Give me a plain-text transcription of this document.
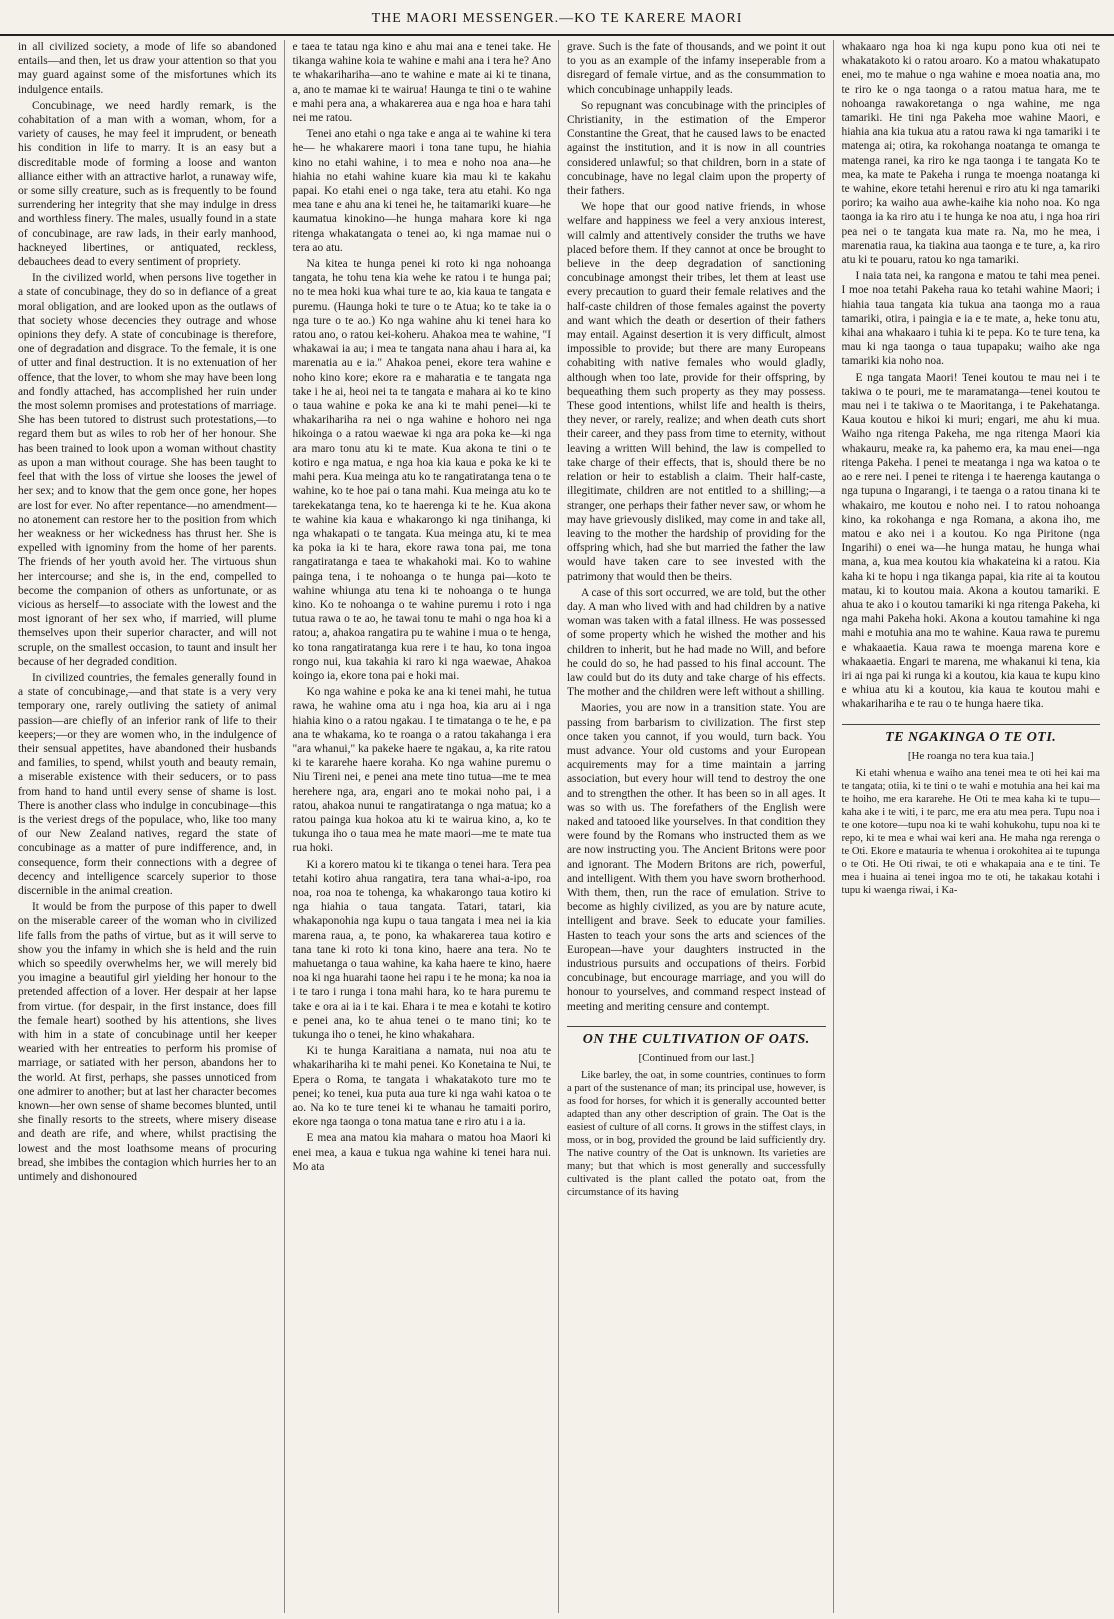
THE MAORI MESSENGER.—KO TE KARERE MAORI

in all civilized society, a mode of life so abandoned entails—and then, let us draw your attention so that you may guard against some of the misfortunes which its indulgence entails.

Concubinage, we need hardly remark, is the cohabitation of a man with a woman, whom, for a variety of causes, he may feel it imprudent, or beneath his condition in life to marry. It is an easy but a discreditable mode of forming a loose and wanton alliance either with an attractive harlot, a runaway wife, or some silly creature, such as is frequently to be found surrendering her integrity that she may indulge in dress and worthless finery. The males, usually found in a state of concubinage, are raw lads, in their early manhood, hackneyed libertines, or antiquated, reckless, debauchees dead to every sentiment of propriety.

In the civilized world, when persons live together in a state of concubinage, they do so in defiance of a great moral obligation, and are looked upon as the outlaws of that society whose decencies they outrage and whose opinions they defy. A state of concubinage is therefore, one of degradation and disgrace. To the female, it is one of utter and final destruction. It is no extenuation of her offence, that the lover, to whom she may have been long and fondly attached, has accomplished her ruin under the most solemn promises and protestations of marriage. She has been tutored to distrust such protestations,—to regard them but as wiles to rob her of her honour. She has been trained to look upon a woman without chastity as upon a man without courage. She has been taught to feel that with the loss of virtue she looses the jewel of her sex; and to know that the gem once gone, her hopes are lost for ever. No after repentance—no amendment—no atonement can restore her to the position from which her weakness or her wickedness has thrust her. She is expelled with ignominy from the home of her parents. The friends of her youth avoid her. The virtuous shun her intercourse; and she is, in the end, compelled to become the companion of others as unfortunate, or as vicious as herself—to associate with the lowest and the most ignorant of her sex who, if married, will plume themselves upon their superior character, and will not scruple, on the smallest occasion, to taunt and insult her because of her degraded condition.

In civilized countries, the females generally found in a state of concubinage,—and that state is a very very temporary one, rarely outliving the satiety of animal passion—are chiefly of an inferior rank of life to their keepers;—or they are women who, in the indulgence of their sensual appetites, have abandoned their husbands and families, to spend, whilst youth and beauty remain, a miserable existence with their seducers, or to pass from hand to hand until every sense of shame is lost. There is another class who indulge in concubinage—this is the veriest dregs of the populace, who, like too many of our New Zealand natives, regard the state of concubinage as a matter of pure indifference, and, in consequence, form their connections with a degree of decency and intelligence scarcely superior to those discernible in the animal creation.

It would be from the purpose of this paper to dwell on the miserable career of the woman who in civilized life falls from the paths of virtue, but as it will serve to show you the infamy in which she is held and the ruin which so speedily overwhelms her, we will merely bid you imagine a beautiful girl yielding her honour to the pretended affection of a lover. Her despair at her lapse from virtue. (for despair, in the first instance, does fill the female heart) soothed by his attentions, she lives with him in a state of concubinage until her keeper wearied with her entreaties to perform his promise of marriage, or satiated with her person, abandons her to the world. At first, perhaps, she passes unnoticed from one admirer to another; but at last her character becomes known—her own sense of shame becomes blunted, until she finally resorts to the streets, where misery disease and death are rife, and where, whilst practising the lowest and the most loathsome means of procuring bread, she imbibes the contagion which hurries her to an untimely and dishonoured

e taea te tatau nga kino e ahu mai ana e tenei take. He tikanga wahine koia te wahine e mahi ana i tera he? Ano te whakarihariha—ano te wahine e mate ai ki te tinana, a, ano te mamae ki te wairua! Haunga te tini o te wahine e mahi pera ana, a whakarerea aua e nga hoa e hara tahi nei me ratou.

Tenei ano etahi o nga take e anga ai te wahine ki tera he— he whakarere maori i tona tane tupu, he hiahia kino no etahi wahine, i to mea e noho noa ana—he hiahia no etahi wahine kuare kia mau ki te kakahu papai. Ko etahi enei o nga take, tera atu etahi. Ko nga mea tane e ahu ana ki tenei he, he taitamariki kuare—he kaumatua kinokino—he hunga mahara kore ki nga ritenga whakatangata o tenei ao, ki nga mamae nui o tera ao atu.

Na kitea te hunga penei ki roto ki nga nohoanga tangata, he tohu tena kia wehe ke ratou i te hunga pai; no te mea hoki kua whai ture te ao, kia kaua te tangata e puremu. (Haunga hoki te ture o te Atua; ko te take ia o nga ture o te ao.) Ko nga wahine ahu ki tenei hara ko ratou ano, o ratou kei-koheru. Ahakoa mea te wahine, "I whakawai ia au; i mea te tangata nana ahau i hara ai, ka marenatia au e ia." Ahakoa penei, ekore tera wahine e noho kino kore; ekore ra e maharatia e te tangata nga take i he ai, heoi nei ta te tangata e mahara ai ko te kino o taua wahine e poka ke ana ki te mahi penei—ki te whakarihariha ra nei o nga wahine e hohoro nei nga hikoinga o a ratou waewae ki nga ara poka ke—ki nga ara maro tonu atu ki te mate. Kua akona te tini o te kotiro e nga matua, e nga hoa kia kaua e poka ke ki te mahi pera. Kua meinga atu ko te rangatiratanga tena o te wahine, ko te hoe pai o tana mahi. Kua meinga atu ko te tarekekatanga tena, ko te haerenga ki te he. Kua akona te wahine kia kaua e whakarongo ki nga tinihanga, ki nga whakapati o te tangata. Kua meinga atu, ki te mea ka poka ia ki te hara, ekore rawa tona pai, me tona rangatiratanga e taea te whakahoki mai. Ko to wahine painga tena, i te nohoanga o te hunga pai—koto te wahine whiunga atu tena ki te nohoanga o te hunga kino. Ko te nohoanga o te wahine puremu i roto i nga tutua rawa o te ao, he tawai tonu te mahi o nga hoa ki a ratou; a, ahakoa rangatira pu te wahine i mua o te henga, ko tona rangatiratanga kua rere i te hau, ko tona ingoa rongo nui, kua takahia ki raro ki nga waewae, Ahakoa koingo ia, ekore tona pai e hoki mai.

Ko nga wahine e poka ke ana ki tenei mahi, he tutua rawa, he wahine oma atu i nga hoa, kia aru ai i nga hiahia kino o a ratou ngakau. I te timatanga o te he, e pa ana te whakama, ko te roanga o a ratou takahanga i era "ara whanui," ka pakeke haere te ngakau, a, ka rite ratou ki te kararehe haere koraha. Ko nga wahine puremu o Niu Tireni nei, e penei ana mete tino tutua—me te mea herehere nga, ara, engari ano te mokai noho pai, i a ratou, ahakoa nunui te rangatiratanga o nga matua; ko a ratou painga kua hokoa atu ki te wairua kino, a, ko te tukunga iho o taua mea he mate maori—me te mate tua rua hoki.

Ki a korero matou ki te tikanga o tenei hara. Tera pea tetahi kotiro ahua rangatira, tera tana whai-a-ipo, roa noa, roa noa te tohenga, ka whakarongo taua kotiro ki nga hiahia o taua tangata. Tatari, tatari, kia whakaponohia nga kupu o taua tangata i mea nei ia kia marena raua, a, te pono, ka whakarerea taua kotiro e tana tane ki roto ki tona kino, haere ana tera. No te mahuetanga o taua wahine, ka kaha haere te kino, haere noa ki nga huarahi taone hei rapu i te he mona; ka noa ia i te taro i runga i tona mahi hara, ko te hara puremu te take e ora ai ia i te kai. Ehara i te mea e kotahi te kotiro e penei ana, ko te ahua tenei o te mano tini; ko te tukunga iho o tenei, he kino whakahara.

Ki te hunga Karaitiana a namata, nui noa atu te whakarihariha ki te mahi penei. Ko Konetaina te Nui, te Epera o Roma, te tangata i whakatakoto ture mo te penei; ko tenei, kua puta aua ture ki nga wahi katoa o te ao. Na ko te ture tenei ki te whanau he tamaiti poriro, ekore nga taonga o tona matua tane e riro atu i a ia.

E mea ana matou kia mahara o matou hoa Maori ki enei mea, a kaua e tukua nga wahine ki tenei hara nui. Mo ata

grave. Such is the fate of thousands, and we point it out to you as an example of the infamy inseperable from a disregard of female virtue, and as the consummation to which concubinage unhappily leads.

So repugnant was concubinage with the principles of Christianity, in the estimation of the Emperor Constantine the Great, that he caused laws to be enacted against the institution, and it is now in all countries considered unlawful; so that children, born in a state of concubinage, have no legal claim upon the property of their fathers.

We hope that our good native friends, in whose welfare and happiness we feel a very anxious interest, will calmly and attentively consider the truths we have placed before them. If they cannot at once be brought to believe in the deep degradation of sanctioning concubinage amongst their tribes, let them at least use every precaution to guard their female relatives and the half-caste children of those females against the poverty and want which the death or desertion of their fathers may entail. Against desertion it is very difficult, almost impossible to provide; but there are many Europeans cohabiting with native females who would gladly, although when too late, provide for their offspring, by bequeathing them such property as they may possess. These good intentions, whilst life and health is theirs, they never, or rarely, realize; and when death cuts short their career, and they pass from time to eternity, without leaving a written Will behind, the law is compelled to take charge of their effects, that is, should there be no relation or heir to establish a claim. Their half-caste, illegitimate, children are not entitled to a shilling;—a stranger, one perhaps their father never saw, or whom he may have grievously disliked, may come in and take all, leaving to the mother the hardship of providing for the offspring which, had she but married the father the law would have taken care to see invested with the patrimony that would then be theirs.

A case of this sort occurred, we are told, but the other day. A man who lived with and had children by a native woman was taken with a fatal illness. He was possessed of some property which he wished the mother and his children to inherit, but he had made no Will, and before he could do so, he had passed to his final account. The law could but do its duty and take charge of his effects. The mother and the children were left without a shilling.

Maories, you are now in a transition state. You are passing from barbarism to civilization. The first step once taken you cannot, if you would, turn back. You must advance. Your old customs and your European acquirements may for a time maintain a jarring association, but every hour will tend to destroy the one and to strengthen the other. It has been so in all ages. It was so with us. The forefathers of the English were naked and tatooed like yourselves. In that condition they were found by the Romans who instructed them as we are now instructing you. The Ancient Britons were poor and ignorant. The Modern Britons are rich, powerful, and intelligent. With them you have sworn brotherhood. With them, then, run the race of emulation. Strive to become as highly civilized, as you are by nature acute, intelligent and brave. Seek to educate your families. Hasten to teach your sons the arts and sciences of the European—have your daughters instructed in the industrious pursuits and occupations of theirs. Forbid concubinage, but encourage marriage, and you will do honour to yourselves, and command respect instead of meeting and meriting censure and contempt.

ON THE CULTIVATION OF OATS.
[Continued from our last.]

Like barley, the oat, in some countries, continues to form a part of the sustenance of man; its principal use, however, is as food for horses, for which it is generally accounted better adapted than any other description of grain. The Oat is the easiest of culture of all corns. It grows in the stiffest clays, in moss, or in bog, provided the ground be laid sufficiently dry. The native country of the Oat is unknown. Its varieties are many; but that which is most generally and successfully cultivated is the plant called the potato oat, from the circumstance of its having

whakaaro nga hoa ki nga kupu pono kua oti nei te whakatakoto ki o ratou aroaro. Ko a matou whakatupato enei, mo te mahue o nga wahine e moea noatia ana, mo te riro ke o nga taonga o a ratou matua hara, me te nohoanga rawakoretanga o nga wahine, me nga tamariki. He tini nga Pakeha moe wahine Maori, e hiahia ana kia tukua atu a ratou rawa ki nga tamariki i te matenga ai; otira, ka rokohanga noatanga te omanga te matenga ranei, ka riro ke nga taonga i te tangata Ko te mea, ka mate te Pakeha i runga te moenga noatanga ki te wahine, ekore tetahi herenui e riro atu ki nga tamariki poriro; ka waiho aua awhe-kaihe kia noho noa. Ko nga taonga ia ka riro atu i te hunga ke noa atu, i nga hoa riri pea nei o te tangata kua mate ra. Na, mo he mea, i marenatia raua, ka tiakina aua taonga e te ture, a, ka riro atu ki te pouaru, ratou ko nga tamariki.

I naia tata nei, ka rangona e matou te tahi mea penei. I moe noa tetahi Pakeha raua ko tetahi wahine Maori; i hiahia taua tangata kia tukua ana taonga mo a raua tamariki, otira, i paingia e ia e te mate, a, heke tonu atu, kihai ana whakaaro i tuhia ki te pepa. Ko te ture tena, ka mau ki nga taonga o taua tupapaku; waiho ake nga tamariki kia noho noa.

E nga tangata Maori! Tenei koutou te mau nei i te takiwa o te pouri, me te maramatanga—tenei koutou te mau nei i te takiwa o te Maoritanga, i te Pakehatanga. Kaua koutou e hikoi ki muri; engari, me ahu ki mua. Waiho nga ritenga Pakeha, me nga ritenga Maori kia whakauru, meake ra, ka pahemo era, ka mau enei—nga ritenga Pakeha. I penei te meatanga i nga wa katoa o te ao e rere nei. I penei te ritenga i te haerenga kautanga o nga tupuna o Ingarangi, i te taenga o a ratou tinana ki te whakairo, me koutou e noho nei. I to ratou nohoanga kino, ka rokohanga e nga Romana, a akona iho, me matou e ako nei i a koutou. Ko nga Piritone (nga Ingarihi) o enei wa—he hunga matau, he hunga whai mana, a, kua mea koutou kia whakateina ki a ratou. Kia kaha ki te hopu i nga tikanga papai, kia rite ai ta koutou matau, ki to koutou maia. Akona a koutou tamariki. E ahua te ako i o koutou tamariki ki nga ritenga Pakeha, ki nga mahi Pakeha hoki. Akona a koutou tamahine ki nga mahi e motuhia ana mo te wahine. Kaua rawa te puremu e whakaaetia. Kaua rawa te moenga marena kore e whakaaetia. Engari te marena, me whakanui ki tena, kia iri ai nga pai ki runga ki a koutou, kia kaua te kupu kino e whiua atu ki a koutou, kia kaua te koutou mahi e whakarihariha e te rau o te hunga haere tika.

TE NGAKINGA O TE OTI.
[He roanga no tera kua taia.]

Ki etahi whenua e waiho ana tenei mea te oti hei kai ma te tangata; otiia, ki te tini o te wahi e motuhia ana hei kai ma te hoiho, me era kararehe. He Oti te mea kaha ki te tupu—kaha ake i te witi, i te parc, me era atu mea pera. Tupu noa i te one kotore—tupu noa ki te wahi kohukohu, tupu noa ki te repo, ki te mea e whai wai keri ana. He maha nga rerenga o te Oti. Ekore e matauria te whenua i orokohitea ai te tupunga o te Oti. He Oti riwai, te oti e whakapaia ana e te tini. Te mea i huaina ai tenei ingoa mo te oti, he takakau kotahi i tupu ki waenga riwai, i Ka-
